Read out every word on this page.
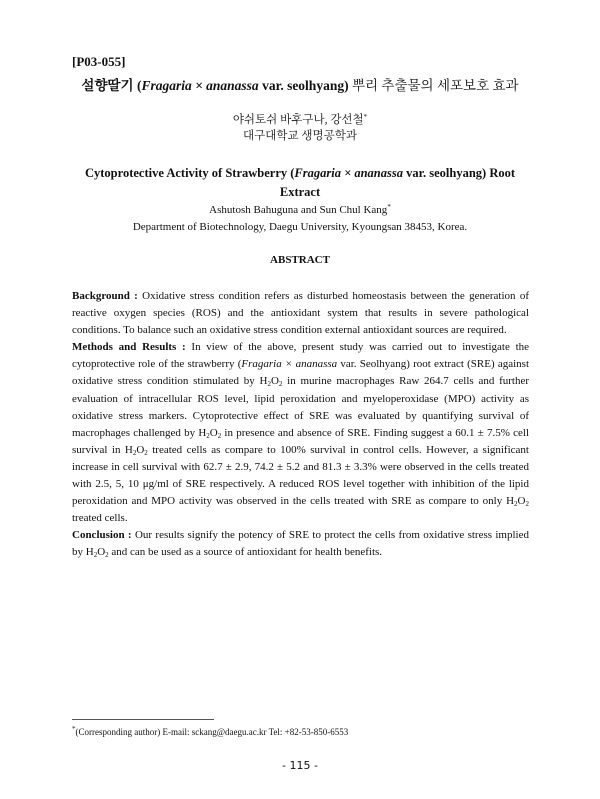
[P03-055]
설향딸기 (Fragaria × ananassa var. seolhyang) 뿌리 추출물의 세포보호 효과
야쉬토쉬 바후구나, 강선철*
대구대학교 생명공학과
Cytoprotective Activity of Strawberry (Fragaria × ananassa var. seolhyang) Root Extract
Ashutosh Bahuguna and Sun Chul Kang*
Department of Biotechnology, Daegu University, Kyoungsan 38453, Korea.
ABSTRACT

Background : Oxidative stress condition refers as disturbed homeostasis between the generation of reactive oxygen species (ROS) and the antioxidant system that results in severe pathological conditions. To balance such an oxidative stress condition external antioxidant sources are required.

Methods and Results : In view of the above, present study was carried out to investigate the cytoprotective role of the strawberry (Fragaria × ananassa var. Seolhyang) root extract (SRE) against oxidative stress condition stimulated by $H_2O_2$ in murine macrophages Raw 264.7 cells and further evaluation of intracellular ROS level, lipid peroxidation and myeloperoxidase (MPO) activity as oxidative stress markers. Cytoprotective effect of SRE was evaluated by quantifying survival of macrophages challenged by $H_2O_2$ in presence and absence of SRE. Finding suggest a 60.1 ± 7.5% cell survival in $H_2O_2$ treated cells as compare to 100% survival in control cells. However, a significant increase in cell survival with 62.7 ± 2.9, 74.2 ± 5.2 and 81.3 ± 3.3% were observed in the cells treated with 2.5, 5, 10 μg/ml of SRE respectively. A reduced ROS level together with inhibition of the lipid peroxidation and MPO activity was observed in the cells treated with SRE as compare to only $H_2O_2$ treated cells.

Conclusion : Our results signify the potency of SRE to protect the cells from oxidative stress implied by $H_2O_2$ and can be used as a source of antioxidant for health benefits.

*(Corresponding author) E-mail: sckang@daegu.ac.kr Tel: +82-53-850-6553
- 115 -
